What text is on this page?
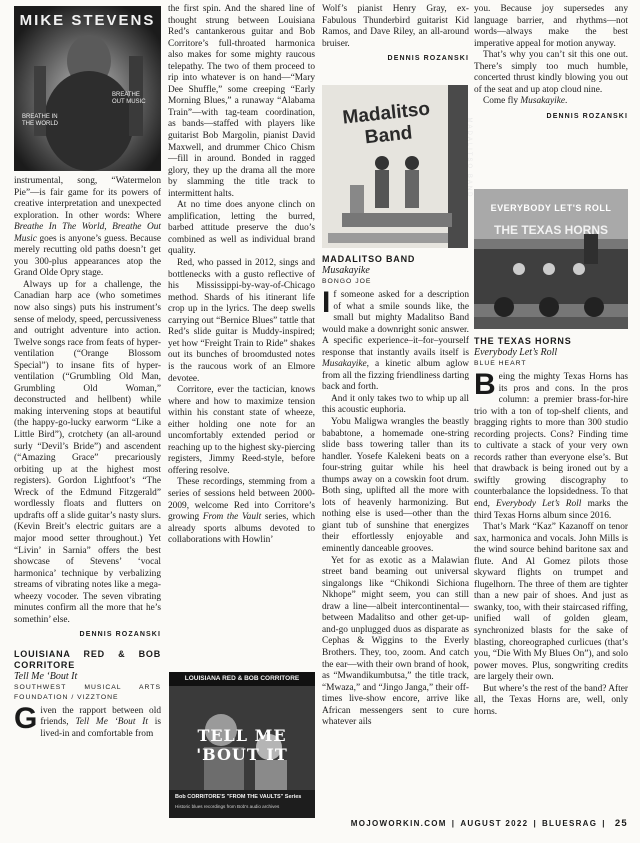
MIKE STEVENS
BREATHE IN THE WORLD
BREATHE OUT MUSIC	Madalitso Band	MADALITSO BAND
EVERYBODY LET'S ROLL
THE TEXAS HORNS
LOUISIANA RED & BOB CORRITORE
TELL ME 'BOUT IT
Bob CORRITORE'S "FROM THE VAULTS" Series
Historic blues recordings from Bob's audio archives

instrumental, song, “Watermelon Pie”—is fair game for its powers of creative interpretation and unexpected exploration. In other words: Where Breathe In The World, Breathe Out Music goes is anyone’s guess. Because merely recutting old paths doesn’t get you 300-plus appearances atop the Grand Olde Opry stage.

Always up for a challenge, the Canadian harp ace (who sometimes now also sings) puts his instrument’s sense of melody, speed, percussiveness and outright adventure into action. Twelve songs race from feats of hyper-ventilation (“Orange Blossom Special”) to insane fits of hyper-ventilation (“Grumbling Old Man, Grumbling Old Woman,” deconstructed and hellbent) while making intervening stops at beautiful (the happy-go-lucky earworm “Like a Little Bird”), crotchety (an all-around surly “Devil’s Bride”) and ascendent (“Amazing Grace” precariously orbiting up at the highest most registers). Gordon Lightfoot’s “The Wreck of the Edmund Fitzgerald” wordlessly floats and flutters on updrafts off a slide guitar’s nasty slurs. (Kevin Breit’s electric guitars are a major mood setter throughout.) Yet “Livin’ in Sarnia” offers the best showcase of Stevens’ ‘vocal harmonica’ technique by verbalizing streams of vibrating notes like a mega-wheezy vocoder. The seven vibrating minutes confirm all the more that he’s somethin’ else.

DENNIS ROZANSKI
LOUISIANA RED & BOB CORRITORE
Tell Me ‘Bout It
SOUTHWEST MUSICAL ARTS FOUNDATION / VIZZTONE

Given the rapport between old friends, Tell Me ‘Bout It is lived-in and comfortable from

the first spin. And the shared line of thought strung between Louisiana Red’s cantankerous guitar and Bob Corritore’s full-throated harmonica also makes for some mighty raucous telepathy. The two of them proceed to rip into whatever is on hand—“Mary Dee Shuffle,” some creeping “Early Morning Blues,” a runaway “Alabama Train”—with tag-team coordination, as bands—staffed with players like guitarist Bob Margolin, pianist David Maxwell, and drummer Chico Chism—fill in around. Bonded in ragged glory, they up the drama all the more by slamming the title track to intermittent halts.

At no time does anyone clinch on amplification, letting the burred, barbed attitude preserve the duo’s combined as well as individual brand quality.

Red, who passed in 2012, sings and bottlenecks with a gusto reflective of his Mississippi-by-way-of-Chicago method. Shards of his itinerant life crop up in the lyrics. The deep swells carrying out “Bernice Blues” tattle that Red’s slide guitar is Muddy-inspired; yet how “Freight Train to Ride” shakes out its bunches of broomdusted notes is the raucous work of an Elmore devotee.

Corritore, ever the tactician, knows where and how to maximize tension within his constant state of wheeze, either holding one note for an uncomfortably extended period or reaching up to the highest sky-piercing registers, Jimmy Reed-style, before offering resolve.

These recordings, stemming from a series of sessions held between 2000-2009, welcome Red into Corritore’s growing From the Vault series, which already sports albums devoted to collaborations with Howlin’

Wolf’s pianist Henry Gray, ex-Fabulous Thunderbird guitarist Kid Ramos, and Dave Riley, an all-around bruiser.

DENNIS ROZANSKI
MADALITSO BAND
Musakayike
BONGO JOE

If someone asked for a description of what a smile sounds like, the small but mighty Madalitso Band would make a downright sonic answer. A specific experience–it–for–yourself response that instantly avails itself is Musakayike, a kinetic album aglow from all the fizzing friendliness darting back and forth.

And it only takes two to whip up all this acoustic euphoria.

Yobu Maligwa wrangles the beastly bababtone, a homemade one-string slide bass towering taller than its handler. Yosefe Kalekeni beats on a four-string guitar while his heel thumps away on a cowskin foot drum. Both sing, uplifted all the more with lots of heavenly harmonizing. But nothing else is used—other than the giant tub of sunshine that energizes their effortlessly enjoyable and eminently danceable grooves.

Yet for as exotic as a Malawian street band beaming out universal singalongs like “Chikondi Sichiona Nkhope” might seem, you can still draw a line—albeit intercontinental—between Madalitso and other get-up-and-go unplugged duos as disparate as Cephas & Wiggins to the Everly Brothers. They, too, zoom. And catch the ear—with their own brand of hook, as “Mwandikumbutsa,” the title track, “Mwaza,” and “Jingo Janga,” their off-times live-show encore, arrive like African messengers sent to cure whatever ails

you. Because joy supersedes any language barrier, and rhythms—not words—always make the best imperative appeal for motion anyway.

That’s why you can’t sit this one out. There’s simply too much humble, concerted thrust kindly blowing you out of the seat and up atop cloud nine.

Come fly Musakayike.

DENNIS ROZANSKI
THE TEXAS HORNS
Everybody Let’s Roll
BLUE HEART

Being the mighty Texas Horns has its pros and cons. In the pros column: a premier brass-for-hire trio with a ton of top-shelf clients, and bragging rights to more than 300 studio recording projects. Cons? Finding time to cultivate a stack of your very own records rather than everyone else’s. But that drawback is being ironed out by a swiftly growing discography to counterbalance the lopsidedness. To that end, Everybody Let’s Roll marks the third Texas Horns album since 2016.

That’s Mark “Kaz” Kazanoff on tenor sax, harmonica and vocals. John Mills is the wind source behind baritone sax and flute. And Al Gomez pilots those skyward flights on trumpet and flugelhorn. The three of them are tighter than a new pair of shoes. And just as swanky, too, with their staircased riffing, unified wall of golden gleam, synchronized blasts for the sake of blasting, choreographed curlicues (that’s you, “Die With My Blues On”), and solo power moves. Plus, songwriting credits are largely their own.

But where’s the rest of the band? After all, the Texas Horns are, well, only horns.

MOJOWORKIN.COM | AUGUST 2022 | BLUESRAG | 25
